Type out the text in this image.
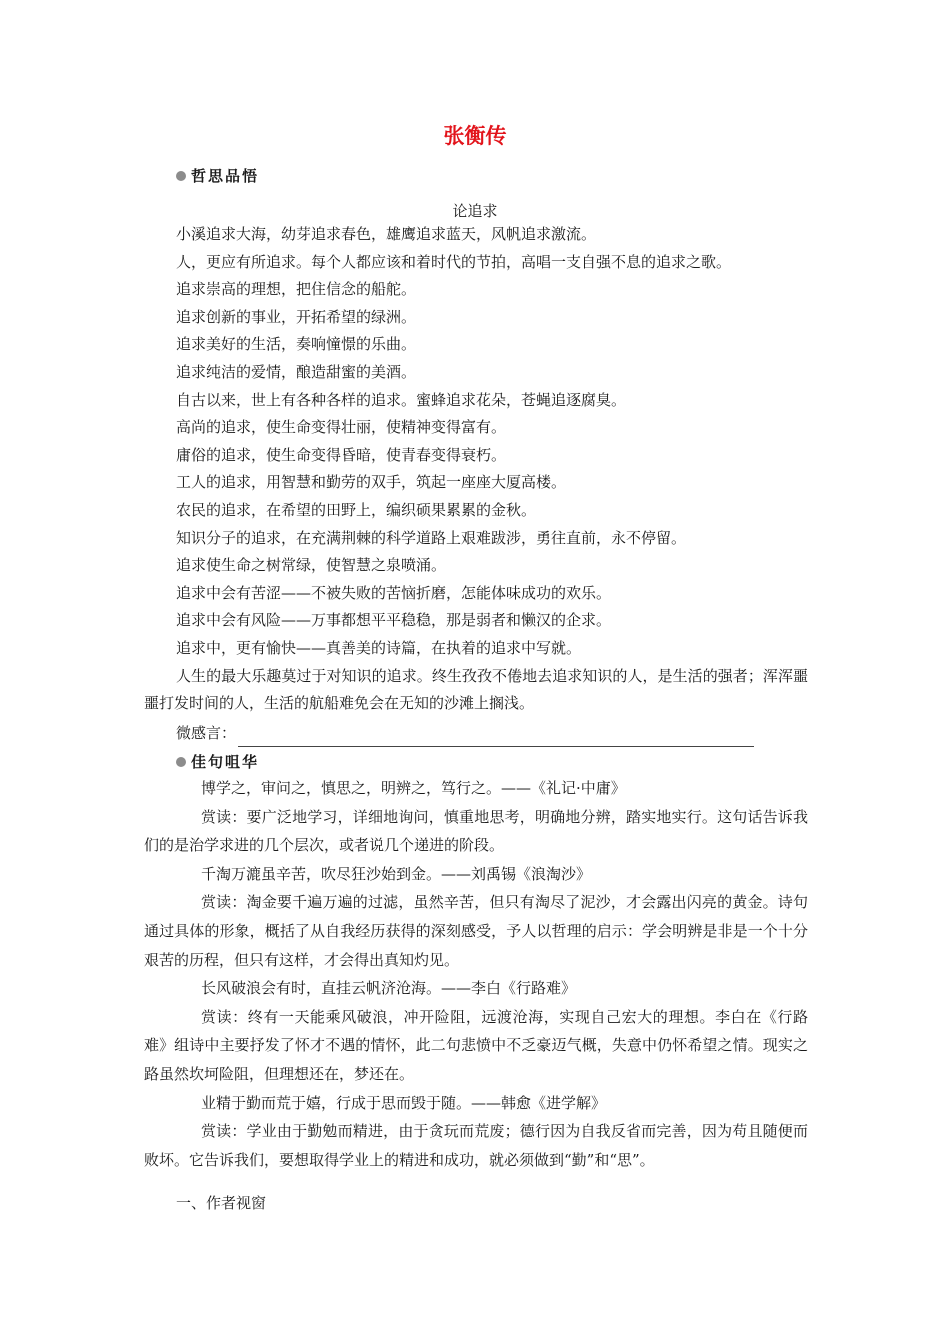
张衡传
哲思品悟
论追求
小溪追求大海，幼芽追求春色，雄鹰追求蓝天，风帆追求激流。
人，更应有所追求。每个人都应该和着时代的节拍，高唱一支自强不息的追求之歌。
追求崇高的理想，把住信念的船舵。
追求创新的事业，开拓希望的绿洲。
追求美好的生活，奏响憧憬的乐曲。
追求纯洁的爱情，酿造甜蜜的美酒。
自古以来，世上有各种各样的追求。蜜蜂追求花朵，苍蝇追逐腐臭。
高尚的追求，使生命变得壮丽，使精神变得富有。
庸俗的追求，使生命变得昏暗，使青春变得衰朽。
工人的追求，用智慧和勤劳的双手，筑起一座座大厦高楼。
农民的追求，在希望的田野上，编织硕果累累的金秋。
知识分子的追求，在充满荆棘的科学道路上艰难跋涉，勇往直前，永不停留。
追求使生命之树常绿，使智慧之泉喷涌。
追求中会有苦涩——不被失败的苦恼折磨，怎能体味成功的欢乐。
追求中会有风险——万事都想平平稳稳，那是弱者和懒汉的企求。
追求中，更有愉快——真善美的诗篇，在执着的追求中写就。
人生的最大乐趣莫过于对知识的追求。终生孜孜不倦地去追求知识的人，是生活的强者；浑浑噩噩打发时间的人，生活的航船难免会在无知的沙滩上搁浅。
微感言：
佳句咀华
博学之，审问之，慎思之，明辨之，笃行之。——《礼记·中庸》
赏读：要广泛地学习，详细地询问，慎重地思考，明确地分辨，踏实地实行。这句话告诉我们的是治学求进的几个层次，或者说几个递进的阶段。
千淘万漉虽辛苦，吹尽狂沙始到金。——刘禹锡《浪淘沙》
赏读：淘金要千遍万遍的过滤，虽然辛苦，但只有淘尽了泥沙，才会露出闪亮的黄金。诗句通过具体的形象，概括了从自我经历获得的深刻感受，予人以哲理的启示：学会明辨是非是一个十分艰苦的历程，但只有这样，才会得出真知灼见。
长风破浪会有时，直挂云帆济沧海。——李白《行路难》
赏读：终有一天能乘风破浪，冲开险阻，远渡沧海，实现自己宏大的理想。李白在《行路难》组诗中主要抒发了怀才不遇的情怀，此二句悲愤中不乏豪迈气概，失意中仍怀希望之情。现实之路虽然坎坷险阻，但理想还在，梦还在。
业精于勤而荒于嬉，行成于思而毁于随。——韩愈《进学解》
赏读：学业由于勤勉而精进，由于贪玩而荒废；德行因为自我反省而完善，因为苟且随便而败坏。它告诉我们，要想取得学业上的精进和成功，就必须做到“勤”和“思”。
一、作者视窗
